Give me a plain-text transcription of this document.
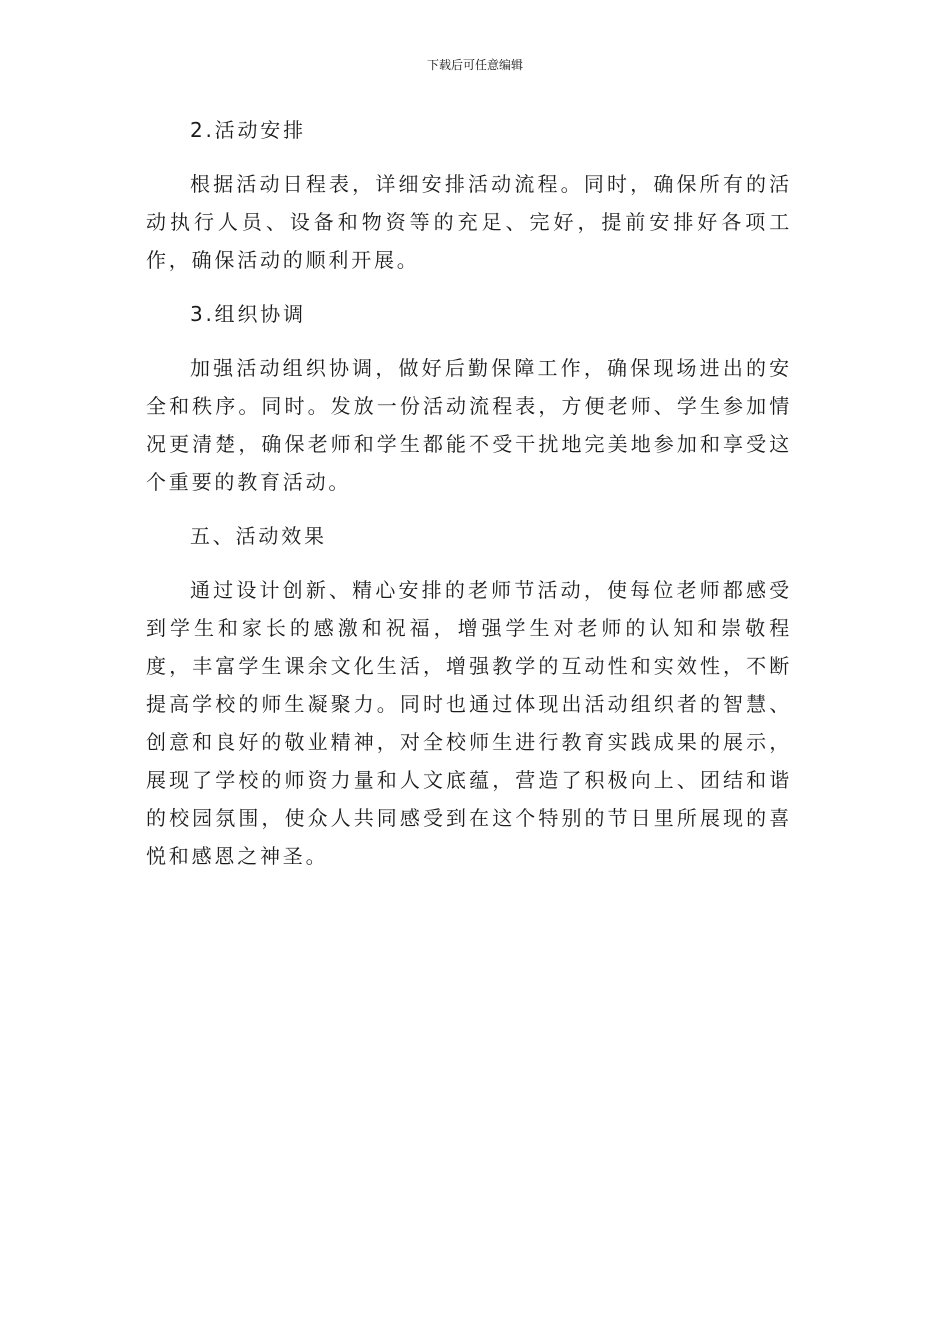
下载后可任意编辑
2.活动安排

根据活动日程表，详细安排活动流程。同时，确保所有的活动执行人员、设备和物资等的充足、完好，提前安排好各项工作，确保活动的顺利开展。

3.组织协调

加强活动组织协调，做好后勤保障工作，确保现场进出的安全和秩序。同时。发放一份活动流程表，方便老师、学生参加情况更清楚，确保老师和学生都能不受干扰地完美地参加和享受这个重要的教育活动。

五、活动效果

通过设计创新、精心安排的老师节活动，使每位老师都感受到学生和家长的感激和祝福，增强学生对老师的认知和崇敬程度，丰富学生课余文化生活，增强教学的互动性和实效性，不断提高学校的师生凝聚力。同时也通过体现出活动组织者的智慧、创意和良好的敬业精神，对全校师生进行教育实践成果的展示，展现了学校的师资力量和人文底蕴，营造了积极向上、团结和谐的校园氛围，使众人共同感受到在这个特别的节日里所展现的喜悦和感恩之神圣。
